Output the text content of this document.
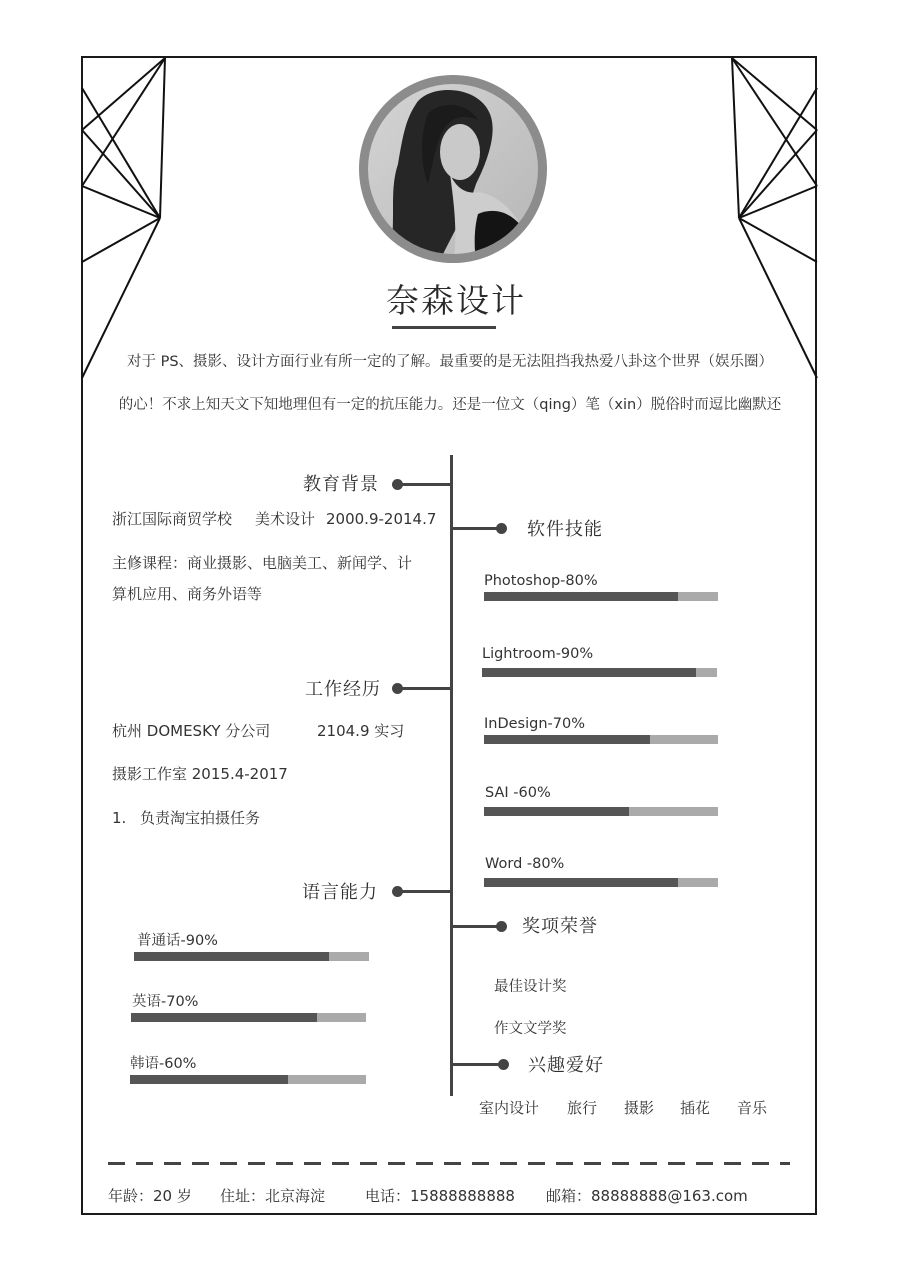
奈森设计
对于 PS、摄影、设计方面行业有所一定的了解。最重要的是无法阻挡我热爱八卦这个世界（娱乐圈）
的心！不求上知天文下知地理但有一定的抗压能力。还是一位文（qing）笔（xin）脱俗时而逗比幽默还
教育背景
浙江国际商贸学校 美术设计 2000.9-2014.7
主修课程：商业摄影、电脑美工、新闻学、计
算机应用、商务外语等
工作经历
杭州 DOMESKY 分公司	2104.9 实习
摄影工作室 2015.4-2017
1. 负责淘宝拍摄任务
语言能力
普通话-90%
英语-70%
韩语-60%
软件技能
Photoshop-80%
Lightroom-90%
InDesign-70%
SAI -60%
Word -80%
奖项荣誉
最佳设计奖
作文文学奖
兴趣爱好
室内设计 旅行 摄影 插花 音乐
年龄：20 岁 住址：北京海淀	电话：15888888888 邮箱：88888888@163.com
